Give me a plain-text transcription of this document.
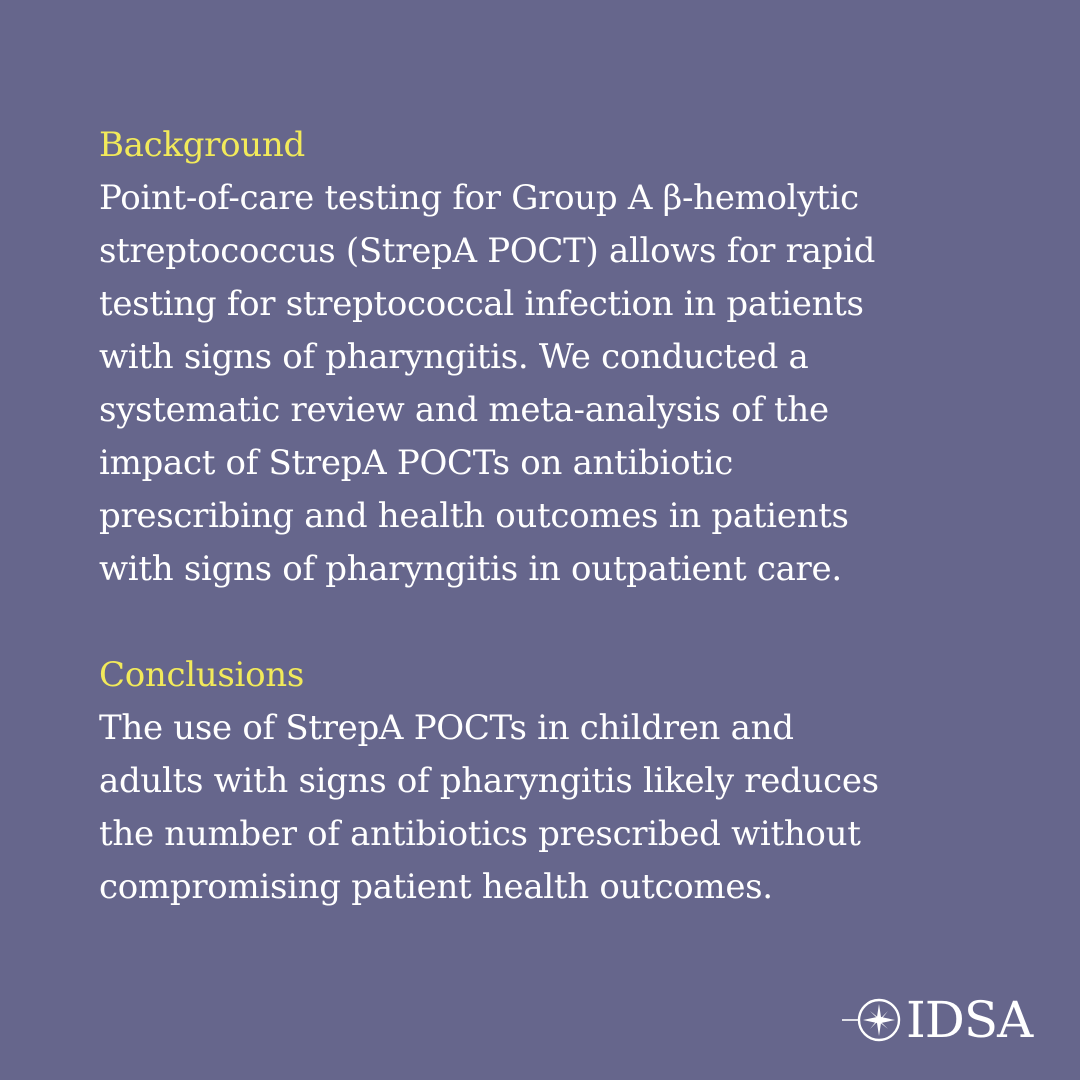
Background
Point-of-care testing for Group A β-hemolytic
streptococcus (StrepA POCT) allows for rapid
testing for streptococcal infection in patients
with signs of pharyngitis. We conducted a
systematic review and meta-analysis of the
impact of StrepA POCTs on antibiotic
prescribing and health outcomes in patients
with signs of pharyngitis in outpatient care.
Conclusions
The use of StrepA POCTs in children and
adults with signs of pharyngitis likely reduces
the number of antibiotics prescribed without
compromising patient health outcomes.
IDSA
